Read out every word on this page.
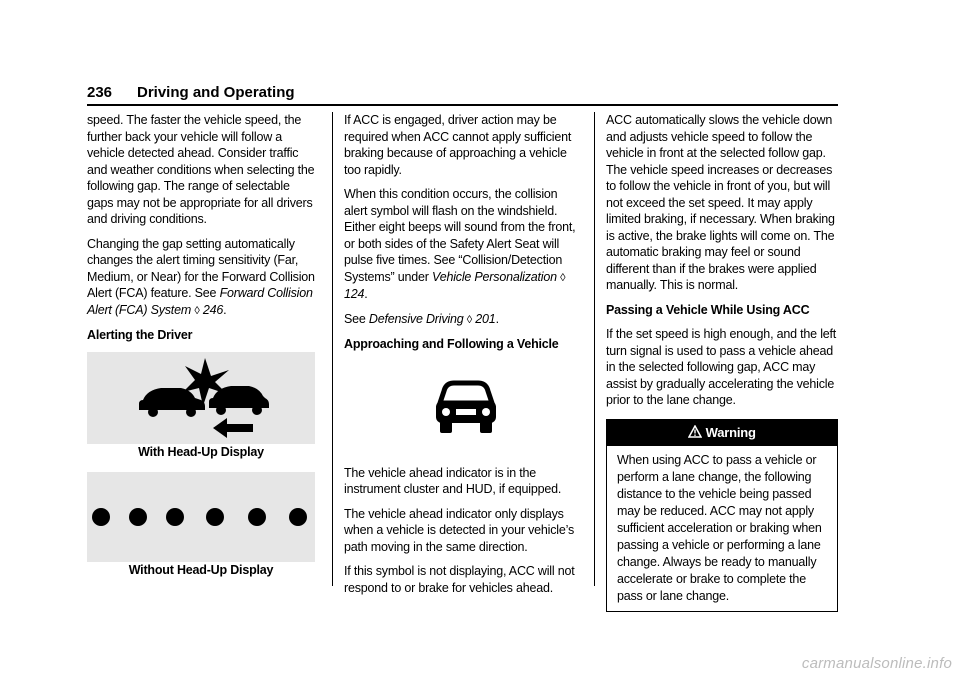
236 Driving and Operating

speed. The faster the vehicle speed, the further back your vehicle will follow a vehicle detected ahead. Consider traffic and weather conditions when selecting the following gap. The range of selectable gaps may not be appropriate for all drivers and driving conditions.

Changing the gap setting automatically changes the alert timing sensitivity (Far, Medium, or Near) for the Forward Collision Alert (FCA) feature. See Forward Collision Alert (FCA) System ◊ 246.

Alerting the Driver

With Head-Up Display

Without Head-Up Display

If ACC is engaged, driver action may be required when ACC cannot apply sufficient braking because of approaching a vehicle too rapidly.

When this condition occurs, the collision alert symbol will flash on the windshield. Either eight beeps will sound from the front, or both sides of the Safety Alert Seat will pulse five times. See “Collision/Detection Systems” under Vehicle Personalization ◊ 124.

See Defensive Driving ◊ 201.

Approaching and Following a Vehicle

The vehicle ahead indicator is in the instrument cluster and HUD, if equipped.

The vehicle ahead indicator only displays when a vehicle is detected in your vehicle’s path moving in the same direction.

If this symbol is not displaying, ACC will not respond to or brake for vehicles ahead.

ACC automatically slows the vehicle down and adjusts vehicle speed to follow the vehicle in front at the selected follow gap. The vehicle speed increases or decreases to follow the vehicle in front of you, but will not exceed the set speed. It may apply limited braking, if necessary. When braking is active, the brake lights will come on. The automatic braking may feel or sound different than if the brakes were applied manually. This is normal.

Passing a Vehicle While Using ACC

If the set speed is high enough, and the left turn signal is used to pass a vehicle ahead in the selected following gap, ACC may assist by gradually accelerating the vehicle prior to the lane change.

Warning
When using ACC to pass a vehicle or perform a lane change, the following distance to the vehicle being passed may be reduced. ACC may not apply sufficient acceleration or braking when passing a vehicle or performing a lane change. Always be ready to manually accelerate or brake to complete the pass or lane change.
carmanualsonline.info
